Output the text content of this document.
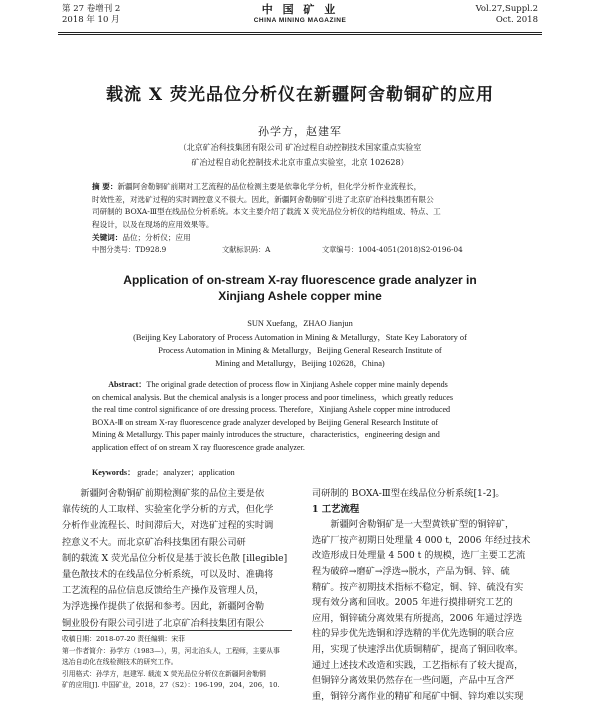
第 27 卷增刊 2
2018 年 10 月
中 国 矿 业
CHINA MINING MAGAZINE
Vol.27,Suppl.2
Oct. 2018
载流 X 荧光品位分析仪在新疆阿舍勒铜矿的应用
孙学方，赵建军
（北京矿冶科技集团有限公司 矿冶过程自动控制技术国家重点实验室
矿冶过程自动化控制技术北京市重点实验室，北京 102628）
摘 要：新疆阿舍勒铜矿前期对工艺流程的品位检测主要是依靠化学分析，但化学分析作业流程长，
时效性差，对选矿过程的实时调控意义不很大。因此，新疆阿舍勒铜矿引进了北京矿冶科技集团有限公
司研制的 BOXA-Ⅲ型在线品位分析系统。本文主要介绍了载流 X 荧光品位分析仪的结构组成、特点、工
程设计，以及在现场的应用效果等。
关键词：品位；分析仪；应用
中图分类号：TD928.9	文献标识码：A	文章编号：1004-4051(2018)S2-0196-04
Application of on-stream X-ray fluorescence grade analyzer in
Xinjiang Ashele copper mine
SUN Xuefang，ZHAO Jianjun
(Beijing Key Laboratory of Process Automation in Mining & Metallurgy，State Key Laboratory of
Process Automation in Mining & Metallurgy，Beijing General Research Institute of
Mining and Metallurgy，Beijing 102628，China)
Abstract：The original grade detection of process flow in Xinjiang Ashele copper mine mainly depends
on chemical analysis. But the chemical analysis is a longer process and poor timeliness，which greatly reduces
the real time control significance of ore dressing process. Therefore，Xinjiang Ashele copper mine introduced
BOXA-Ⅲ on stream X-ray fluorescence grade analyzer developed by Beijing General Research Institute of
Mining & Metallurgy. This paper mainly introduces the structure，characteristics，engineering design and
application effect of on stream X ray fluorescence grade analyzer.
Keywords： grade；analyzer；application

新疆阿舍勒铜矿前期检测矿浆的品位主要是依

靠传统的人工取样、实验室化学分析的方式，但化学
分析作业流程长、时间滞后大，对选矿过程的实时调
控意义不大。而北京矿冶科技集团有限公司研
制的载流 X 荧光品位分析仪是基于波长色散 [illegible]
量色散技术的在线品位分析系统，可以及时、准确将
工艺流程的品位信息反馈给生产操作及管理人员，
为浮选操作提供了依据和参考。因此，新疆阿舍勒
铜业股份有限公司引进了北京矿冶科技集团有限公
收稿日期：2018-07-20 责任编辑：宋菲
第一作者简介：孙学方（1983—），男，河北泊头人，工程师，主要从事
选冶自动化在线检测技术的研究工作。
引用格式：孙学方，赵建军. 载流 X 荧光品位分析仪在新疆阿舍勒铜
矿的应用[J]. 中国矿业，2018，27（S2）：196-199，204，206，10.

司研制的 BOXA-Ⅲ型在线品位分析系统[1-2]。

1 工艺流程

新疆阿舍勒铜矿是一大型黄铁矿型的铜锌矿，

选矿厂按产初期日处理量 4 000 t，2006 年经过技术
改造形成日处理量 4 500 t 的规模，选厂主要工艺流
程为破碎→磨矿→浮选→脱水，产品为铜、锌、硫
精矿。按产初期技术指标不稳定，铜、锌、硫没有实
现有效分离和回收。2005 年进行摸排研究工艺的
应用，铜锌硫分离效果有所提高，2006 年通过浮选
柱的异步优先选铜和浮选精的半优先选铜的联合应
用，实现了快速浮出优质铜精矿，提高了铜回收率。
通过上述技术改造和实践，工艺指标有了较大提高，
但铜锌分离效果仍然存在一些问题，产品中互含严
重，铜锌分离作业的精矿和尾矿中铜、锌均难以实现
